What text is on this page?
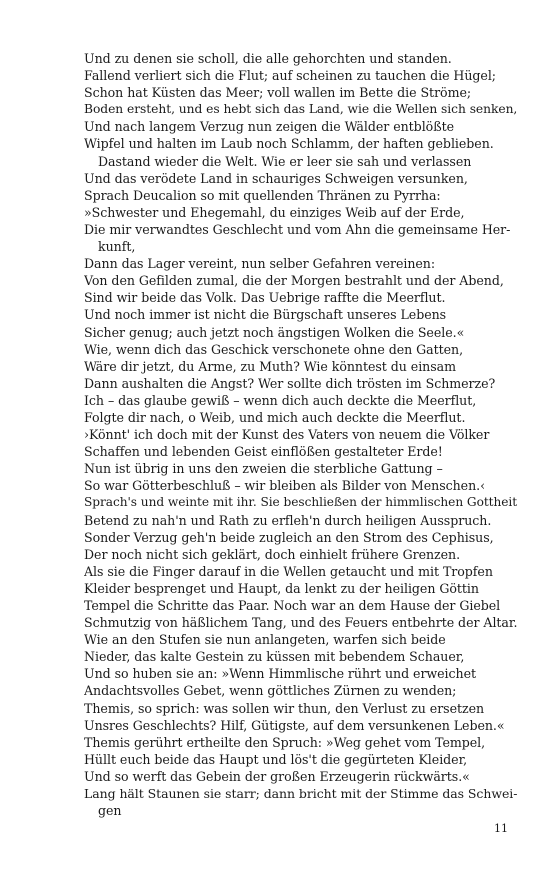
Und zu denen sie scholl, die alle gehorchten und standen.
Fallend verliert sich die Flut; auf scheinen zu tauchen die Hügel;
Schon hat Küsten das Meer; voll wallen im Bette die Ströme;
Boden ersteht, und es hebt sich das Land, wie die Wellen sich senken,
Und nach langem Verzug nun zeigen die Wälder entblößte
Wipfel und halten im Laub noch Schlamm, der haften geblieben.
Dastand wieder die Welt. Wie er leer sie sah und verlassen
Und das verödete Land in schauriges Schweigen versunken,
Sprach Deucalion so mit quellenden Thränen zu Pyrrha:
»Schwester und Ehegemahl, du einziges Weib auf der Erde,
Die mir verwandtes Geschlecht und vom Ahn die gemeinsame Her-
kunft,
Dann das Lager vereint, nun selber Gefahren vereinen:
Von den Gefilden zumal, die der Morgen bestrahlt und der Abend,
Sind wir beide das Volk. Das Uebrige raffte die Meerflut.
Und noch immer ist nicht die Bürgschaft unseres Lebens
Sicher genug; auch jetzt noch ängstigen Wolken die Seele.«
Wie, wenn dich das Geschick verschonete ohne den Gatten,
Wäre dir jetzt, du Arme, zu Muth? Wie könntest du einsam
Dann aushalten die Angst? Wer sollte dich trösten im Schmerze?
Ich – das glaube gewiß – wenn dich auch deckte die Meerflut,
Folgte dir nach, o Weib, und mich auch deckte die Meerflut.
›Könnt' ich doch mit der Kunst des Vaters von neuem die Völker
Schaffen und lebenden Geist einflößen gestalteter Erde!
Nun ist übrig in uns den zweien die sterbliche Gattung –
So war Götterbeschluß – wir bleiben als Bilder von Menschen.‹
Sprach's und weinte mit ihr. Sie beschließen der himmlischen Gottheit
Betend zu nah'n und Rath zu erfleh'n durch heiligen Ausspruch.
Sonder Verzug geh'n beide zugleich an den Strom des Cephisus,
Der noch nicht sich geklärt, doch einhielt frühere Grenzen.
Als sie die Finger darauf in die Wellen getaucht und mit Tropfen
Kleider besprenget und Haupt, da lenkt zu der heiligen Göttin
Tempel die Schritte das Paar. Noch war an dem Hause der Giebel
Schmutzig von häßlichem Tang, und des Feuers entbehrte der Altar.
Wie an den Stufen sie nun anlangeten, warfen sich beide
Nieder, das kalte Gestein zu küssen mit bebendem Schauer,
Und so huben sie an: »Wenn Himmlische rührt und erweichet
Andachtsvolles Gebet, wenn göttliches Zürnen zu wenden;
Themis, so sprich: was sollen wir thun, den Verlust zu ersetzen
Unsres Geschlechts? Hilf, Gütigste, auf dem versunkenen Leben.«
Themis gerührt ertheilte den Spruch: »Weg gehet vom Tempel,
Hüllt euch beide das Haupt und lös't die gegürteten Kleider,
Und so werft das Gebein der großen Erzeugerin rückwärts.«
Lang hält Staunen sie starr; dann bricht mit der Stimme das Schwei-
gen
11
